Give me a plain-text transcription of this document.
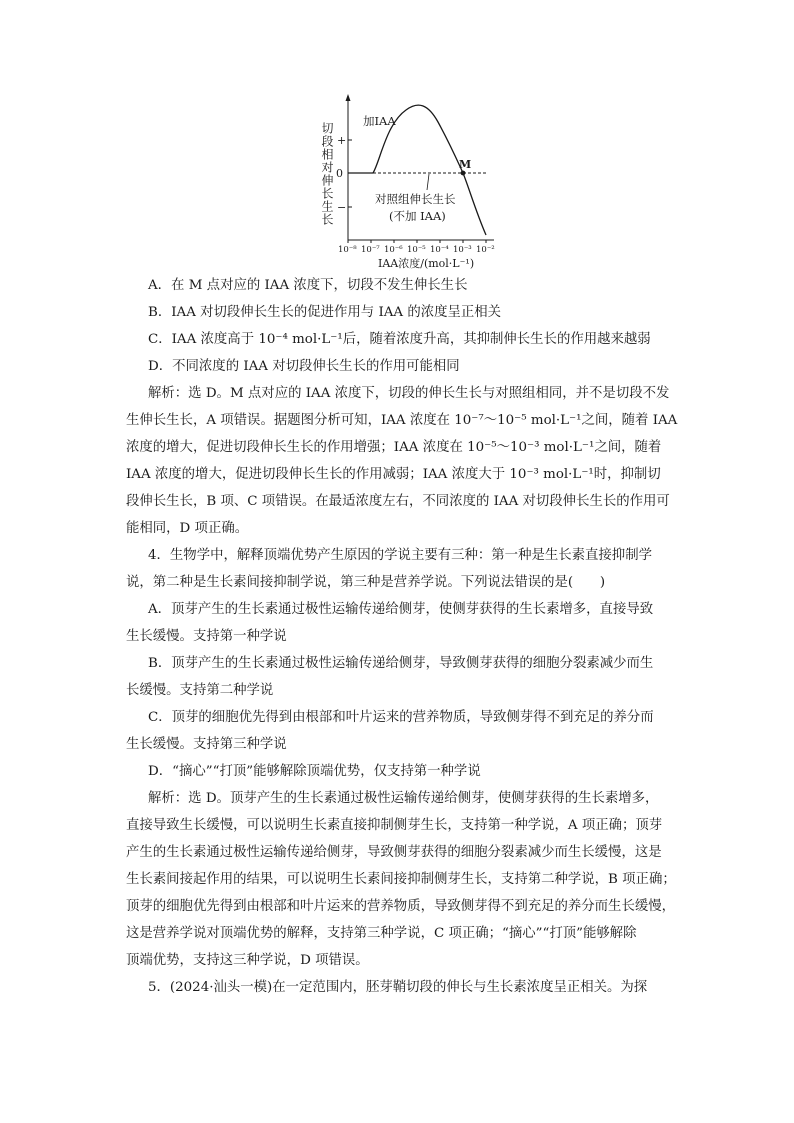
切段相对伸长生长 +
0
−
加IAA
M
对照组伸长生长
(不加 IAA)
10⁻⁸ 10⁻⁷ 10⁻⁶ 10⁻⁵ 10⁻⁴ 10⁻³ 10⁻²
IAA浓度/(mol·L⁻¹)
A．在 M 点对应的 IAA 浓度下，切段不发生伸长生长
B．IAA 对切段伸长生长的促进作用与 IAA 的浓度呈正相关
C．IAA 浓度高于 10⁻⁴ mol·L⁻¹后，随着浓度升高，其抑制伸长生长的作用越来越弱
D．不同浓度的 IAA 对切段伸长生长的作用可能相同
解析：选 D。M 点对应的 IAA 浓度下，切段的伸长生长与对照组相同，并不是切段不发
生伸长生长，A 项错误。据题图分析可知，IAA 浓度在 10⁻⁷～10⁻⁵ mol·L⁻¹之间，随着 IAA
浓度的增大，促进切段伸长生长的作用增强；IAA 浓度在 10⁻⁵～10⁻³ mol·L⁻¹之间，随着
IAA 浓度的增大，促进切段伸长生长的作用减弱；IAA 浓度大于 10⁻³ mol·L⁻¹时，抑制切
段伸长生长，B 项、C 项错误。在最适浓度左右，不同浓度的 IAA 对切段伸长生长的作用可
能相同，D 项正确。
4．生物学中，解释顶端优势产生原因的学说主要有三种：第一种是生长素直接抑制学
说，第二种是生长素间接抑制学说，第三种是营养学说。下列说法错误的是(　　)
A．顶芽产生的生长素通过极性运输传递给侧芽，使侧芽获得的生长素增多，直接导致
生长缓慢。支持第一种学说
B．顶芽产生的生长素通过极性运输传递给侧芽，导致侧芽获得的细胞分裂素减少而生
长缓慢。支持第二种学说
C．顶芽的细胞优先得到由根部和叶片运来的营养物质，导致侧芽得不到充足的养分而
生长缓慢。支持第三种学说
D．“摘心”“打顶”能够解除顶端优势，仅支持第一种学说
解析：选 D。顶芽产生的生长素通过极性运输传递给侧芽，使侧芽获得的生长素增多，
直接导致生长缓慢，可以说明生长素直接抑制侧芽生长，支持第一种学说，A 项正确；顶芽
产生的生长素通过极性运输传递给侧芽，导致侧芽获得的细胞分裂素减少而生长缓慢，这是
生长素间接起作用的结果，可以说明生长素间接抑制侧芽生长，支持第二种学说，B 项正确；
顶芽的细胞优先得到由根部和叶片运来的营养物质，导致侧芽得不到充足的养分而生长缓慢，
这是营养学说对顶端优势的解释，支持第三种学说，C 项正确；“摘心”“打顶”能够解除
顶端优势，支持这三种学说，D 项错误。
5．(2024·汕头一模)在一定范围内，胚芽鞘切段的伸长与生长素浓度呈正相关。为探
